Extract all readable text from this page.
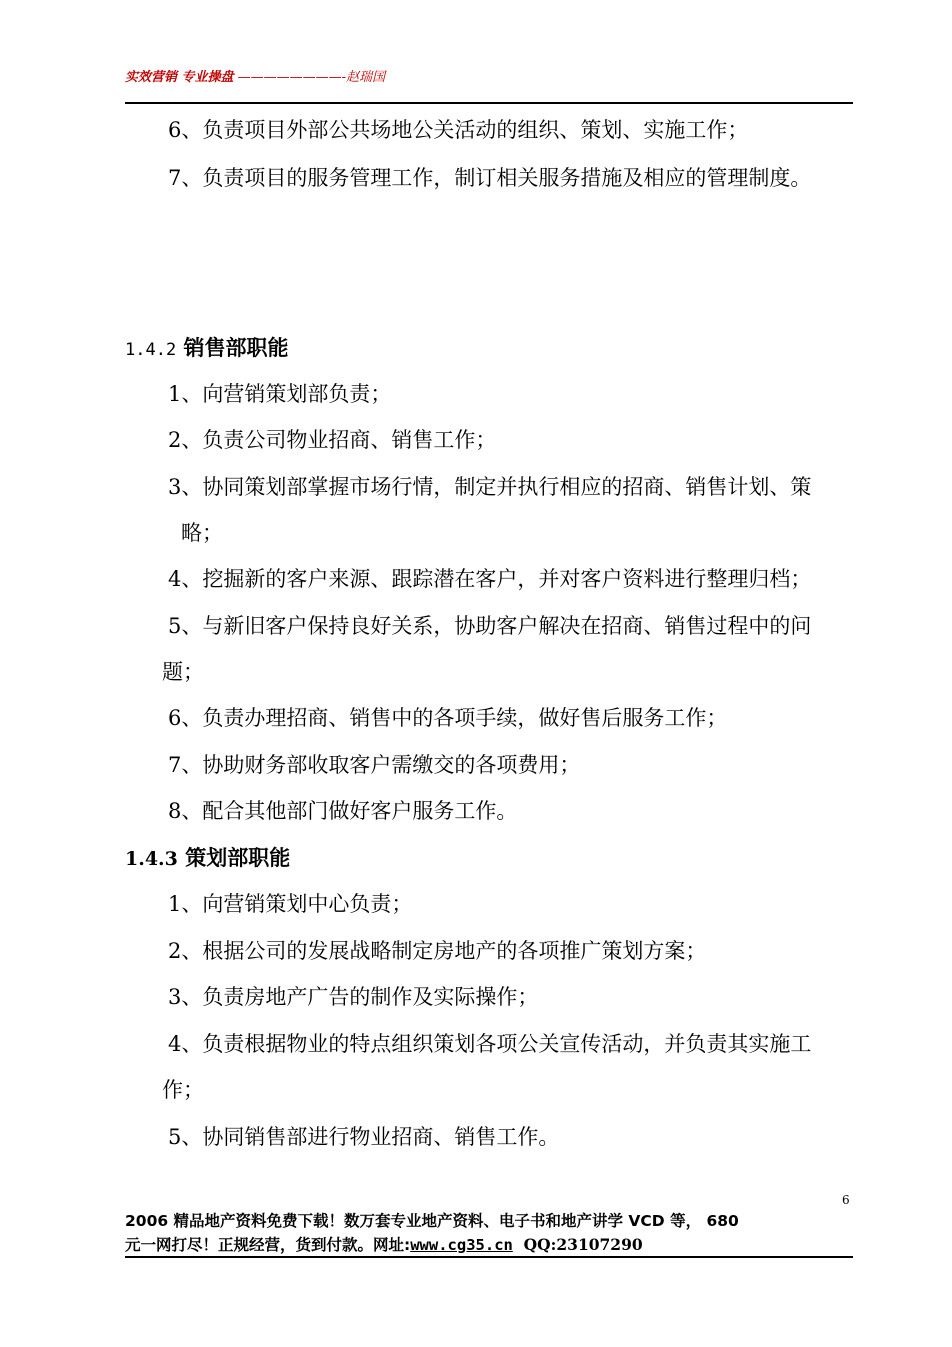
实效营销 专业操盘 ————————-赵瑞国
6、负责项目外部公共场地公关活动的组织、策划、实施工作；
7、负责项目的服务管理工作，制订相关服务措施及相应的管理制度。
1.4.2 销售部职能
1、向营销策划部负责；
2、负责公司物业招商、销售工作；
3、协同策划部掌握市场行情，制定并执行相应的招商、销售计划、策
略；
4、挖掘新的客户来源、跟踪潜在客户，并对客户资料进行整理归档；
5、与新旧客户保持良好关系，协助客户解决在招商、销售过程中的问
题；
6、负责办理招商、销售中的各项手续，做好售后服务工作；
7、协助财务部收取客户需缴交的各项费用；
8、配合其他部门做好客户服务工作。
1.4.3 策划部职能
1、向营销策划中心负责；
2、根据公司的发展战略制定房地产的各项推广策划方案；
3、负责房地产广告的制作及实际操作；
4、负责根据物业的特点组织策划各项公关宣传活动，并负责其实施工
作；
5、协同销售部进行物业招商、销售工作。
6
2006 精品地产资料免费下载！数万套专业地产资料、电子书和地产讲学 VCD 等， 680
元一网打尽！正规经营，货到付款。网址:www.cg35.cn QQ:23107290
